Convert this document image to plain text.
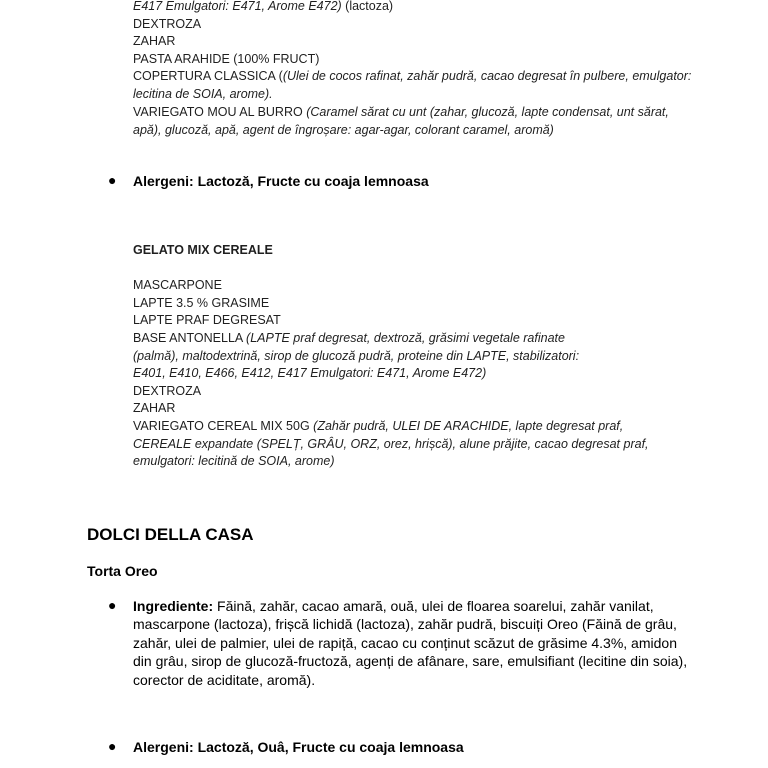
E417 Emulgatori: E471, Arome E472) (lactoza)
DEXTROZA
ZAHAR
PASTA ARAHIDE (100% FRUCT)
COPERTURA CLASSICA ((Ulei de cocos rafinat, zahăr pudră, cacao degresat în pulbere, emulgator: lecitina de SOIA, arome).
VARIEGATO MOU AL BURRO (Caramel sărat cu unt (zahar, glucoză, lapte condensat, unt sărat, apă), glucoză, apă, agent de îngroșare: agar-agar, colorant caramel, aromă)
● Alergeni: Lactoză, Fructe cu coaja lemnoasa
GELATO MIX CEREALE
MASCARPONE
LAPTE 3.5 % GRASIME
LAPTE PRAF DEGRESAT
BASE ANTONELLA (LAPTE praf degresat, dextroză, grăsimi vegetale rafinate (palmă), maltodextrină, sirop de glucoză pudră, proteine din LAPTE, stabilizatori: E401, E410, E466, E412, E417 Emulgatori: E471, Arome E472)
DEXTROZA
ZAHAR
VARIEGATO CEREAL MIX 50G (Zahăr pudră, ULEI DE ARACHIDE, lapte degresat praf, CEREALE expandate (SPELȚ, GRÂU, ORZ, orez, hrișcă), alune prăjite, cacao degresat praf, emulgatori: lecitină de SOIA, arome)
DOLCI DELLA CASA
Torta Oreo
● Ingrediente: Făină, zahăr, cacao amară, ouă, ulei de floarea soarelui, zahăr vanilat, mascarpone (lactoza), frișcă lichidă (lactoza), zahăr pudră, biscuiți Oreo (Făină de grâu, zahăr, ulei de palmier, ulei de rapiță, cacao cu conținut scăzut de grăsime 4.3%, amidon din grâu, sirop de glucoză-fructoză, agenți de afânare, sare, emulsifiant (lecitine din soia), corector de aciditate, aromă).
● Alergeni: Lactoză, Ouâ, Fructe cu coaja lemnoasa
